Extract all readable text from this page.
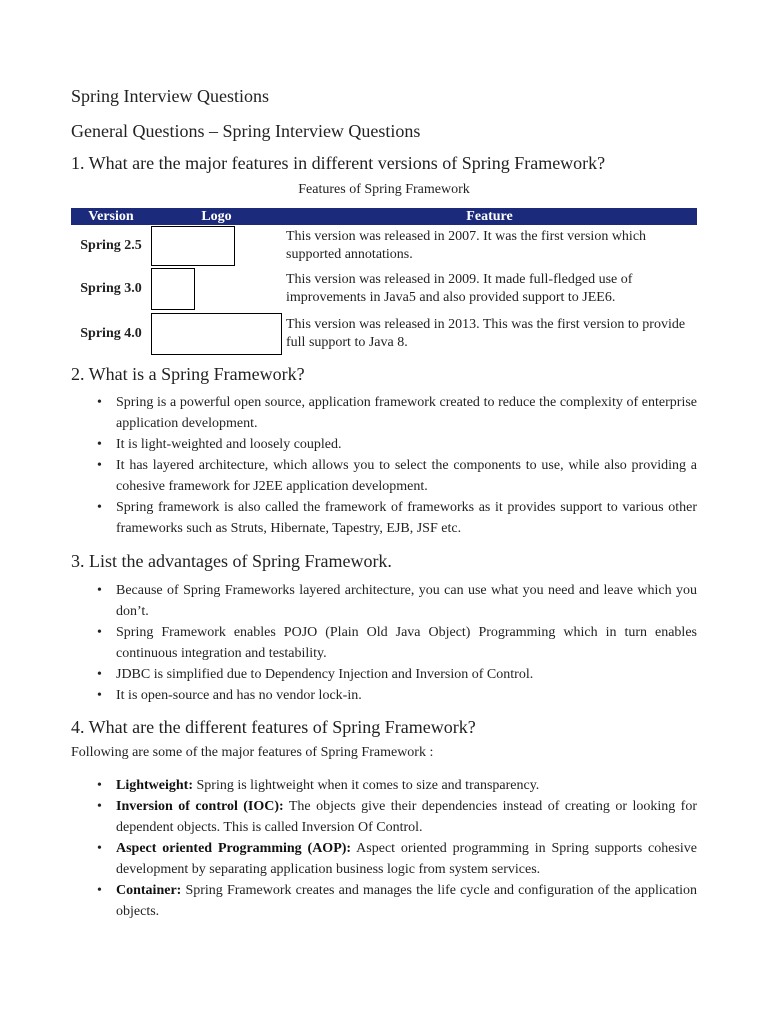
Spring Interview Questions
General Questions – Spring Interview Questions
1. What are the major features in different versions of Spring Framework?
Features of Spring Framework
Version	Logo	Feature
Spring 2.5		This version was released in 2007. It was the first version which supported annotations.
Spring 3.0		This version was released in 2009. It made full-fledged use of improvements in Java5 and also provided support to JEE6.
Spring 4.0		This version was released in 2013. This was the first version to provide full support to Java 8.
2. What is a Spring Framework?
• Spring is a powerful open source, application framework created to reduce the complexity of enterprise application development.
• It is light-weighted and loosely coupled.
• It has layered architecture, which allows you to select the components to use, while also providing a cohesive framework for J2EE application development.
• Spring framework is also called the framework of frameworks as it provides support to various other frameworks such as Struts, Hibernate, Tapestry, EJB, JSF etc.
3. List the advantages of Spring Framework.
• Because of Spring Frameworks layered architecture, you can use what you need and leave which you don’t.
• Spring Framework enables POJO (Plain Old Java Object) Programming which in turn enables continuous integration and testability.
• JDBC is simplified due to Dependency Injection and Inversion of Control.
• It is open-source and has no vendor lock-in.
4. What are the different features of Spring Framework?
Following are some of the major features of Spring Framework :
• Lightweight: Spring is lightweight when it comes to size and transparency.
• Inversion of control (IOC): The objects give their dependencies instead of creating or looking for dependent objects. This is called Inversion Of Control.
• Aspect oriented Programming (AOP): Aspect oriented programming in Spring supports cohesive development by separating application business logic from system services.
• Container: Spring Framework creates and manages the life cycle and configuration of the application objects.
